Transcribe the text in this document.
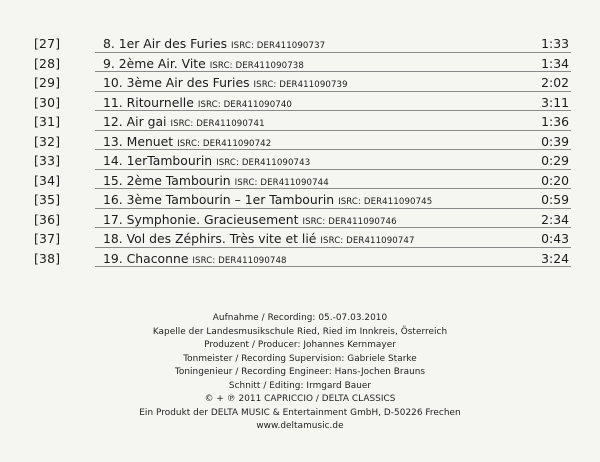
[27]	8. 1er Air des Furies ISRC: DER411090737	1:33
[28]	9. 2ème Air. Vite ISRC: DER411090738	1:34
[29]	10. 3ème Air des Furies ISRC: DER411090739	2:02
[30]	11. Ritournelle ISRC: DER411090740	3:11
[31]	12. Air gai ISRC: DER411090741	1:36
[32]	13. Menuet ISRC: DER411090742	0:39
[33]	14. 1erTambourin ISRC: DER411090743	0:29
[34]	15. 2ème Tambourin ISRC: DER411090744	0:20
[35]	16. 3ème Tambourin – 1er Tambourin ISRC: DER411090745	0:59
[36]	17. Symphonie. Gracieusement ISRC: DER411090746	2:34
[37]	18. Vol des Zéphirs. Très vite et lié ISRC: DER411090747	0:43
[38]	19. Chaconne ISRC: DER411090748	3:24
Aufnahme / Recording: 05.-07.03.2010
Kapelle der Landesmusikschule Ried, Ried im Innkreis, Österreich
Produzent / Producer: Johannes Kernmayer
Tonmeister / Recording Supervision: Gabriele Starke
Toningenieur / Recording Engineer: Hans-Jochen Brauns
Schnitt / Editing: Irmgard Bauer
© + ℗ 2011 CAPRICCIO / DELTA CLASSICS
Ein Produkt der DELTA MUSIC & Entertainment GmbH, D-50226 Frechen
www.deltamusic.de
